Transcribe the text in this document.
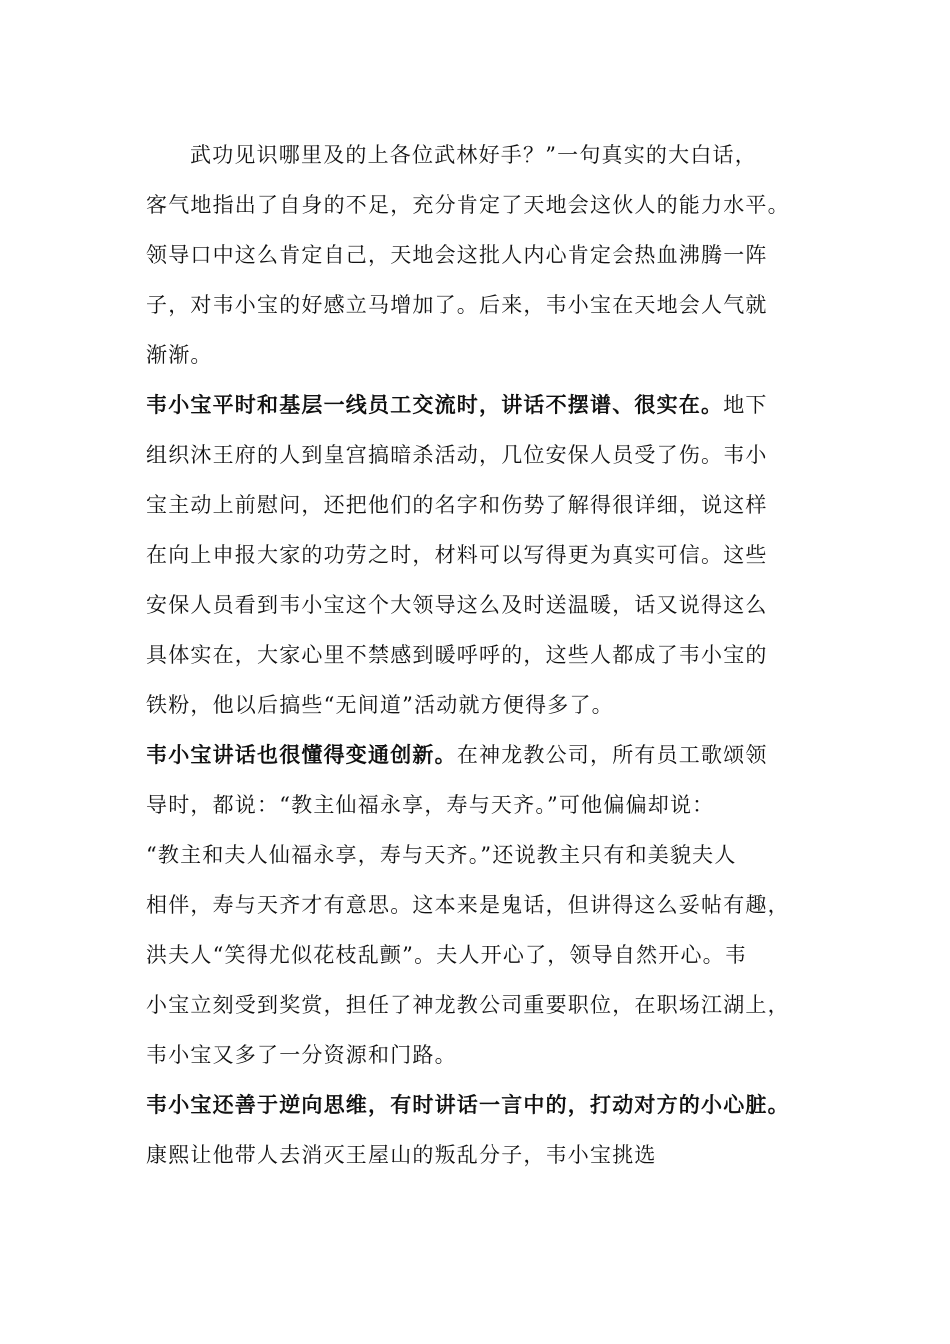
武功见识哪里及的上各位武林好手？”一句真实的大白话，

客气地指出了自身的不足，充分肯定了天地会这伙人的能力水平。

领导口中这么肯定自己，天地会这批人内心肯定会热血沸腾一阵

子，对韦小宝的好感立马增加了。后来，韦小宝在天地会人气就

渐渐。

韦小宝平时和基层一线员工交流时，讲话不摆谱、很实在。地下

组织沐王府的人到皇宫搞暗杀活动，几位安保人员受了伤。韦小

宝主动上前慰问，还把他们的名字和伤势了解得很详细，说这样

在向上申报大家的功劳之时，材料可以写得更为真实可信。这些

安保人员看到韦小宝这个大领导这么及时送温暖，话又说得这么

具体实在，大家心里不禁感到暖呼呼的，这些人都成了韦小宝的

铁粉，他以后搞些“无间道”活动就方便得多了。

韦小宝讲话也很懂得变通创新。在神龙教公司，所有员工歌颂领

导时，都说：“教主仙福永享，寿与天齐。”可他偏偏却说：

“教主和夫人仙福永享，寿与天齐。”还说教主只有和美貌夫人

相伴，寿与天齐才有意思。这本来是鬼话，但讲得这么妥帖有趣，

洪夫人“笑得尤似花枝乱颤”。夫人开心了，领导自然开心。韦

小宝立刻受到奖赏，担任了神龙教公司重要职位，在职场江湖上，

韦小宝又多了一分资源和门路。

韦小宝还善于逆向思维，有时讲话一言中的，打动对方的小心脏。

康熙让他带人去消灭王屋山的叛乱分子，韦小宝挑选
